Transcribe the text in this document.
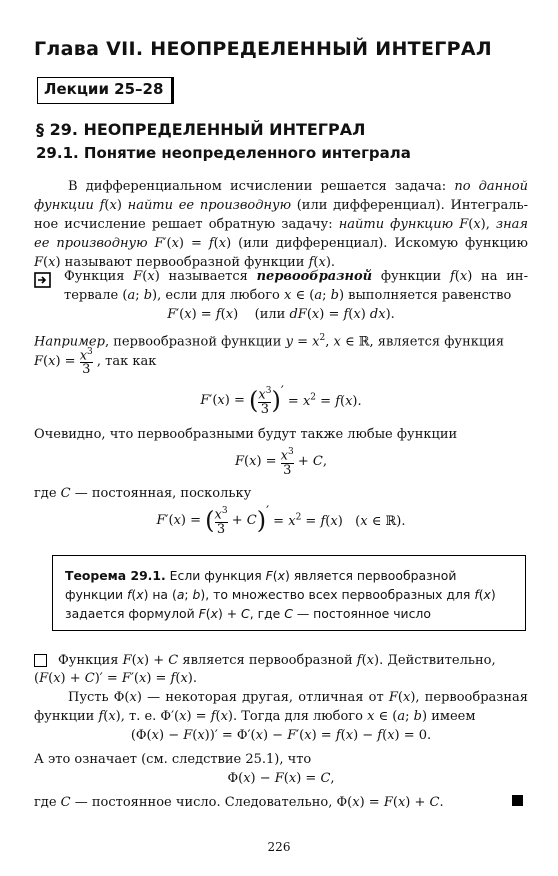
Глава VII. НЕОПРЕДЕЛЕННЫЙ ИНТЕГРАЛ
Лекции 25–28
§ 29. НЕОПРЕДЕЛЕННЫЙ ИНТЕГРАЛ
29.1. Понятие неопределенного интеграла
В дифференциальном исчислении решается задача: по данной функции f(x) найти ее производную (или дифференциал). Интегральное исчисление решает обратную задачу: найти функцию F(x), зная ее производную F′(x) = f(x) (или дифференциал). Искомую функцию F(x) называют первообразной функции f(x).
Функция F(x) называется первообразной функции f(x) на интервале (a; b), если для любого x ∈ (a; b) выполняется равенство
F′(x) = f(x)    (или dF(x) = f(x) dx).
Например, первообразной функции $y = x^2$, x ∈ ℝ, является функция
$F(x) = \frac{x^3}{3}$ , так как
F′(x) = ( $\frac{x^3}{3}$ )′ = $x^2 = f(x)$.
Очевидно, что первообразными будут также любые функции
$F(x) = \frac{x^3}{3} + C$,
где C — постоянная, поскольку
F′(x) = ( $\frac{x^3}{3} + C)' = x^2 = f(x)$   (x ∈ ℝ).
Теорема 29.1. Если функция F(x) является первообразной функции f(x) на (a; b), то множество всех первообразных для f(x) задается формулой F(x) + C, где C — постоянное число
Функция F(x) + C является первообразной f(x). Действительно,
(F(x) + C)′ = F′(x) = f(x).
Пусть Φ(x) — некоторая другая, отличная от F(x), первообразная функции f(x), т. е. Φ′(x) = f(x). Тогда для любого x ∈ (a; b) имеем
(Φ(x) − F(x))′ = Φ′(x) − F′(x) = f(x) − f(x) = 0.
А это означает (см. следствие 25.1), что
Φ(x) − F(x) = C,
где C — постоянное число. Следовательно, Φ(x) = F(x) + C.
226
